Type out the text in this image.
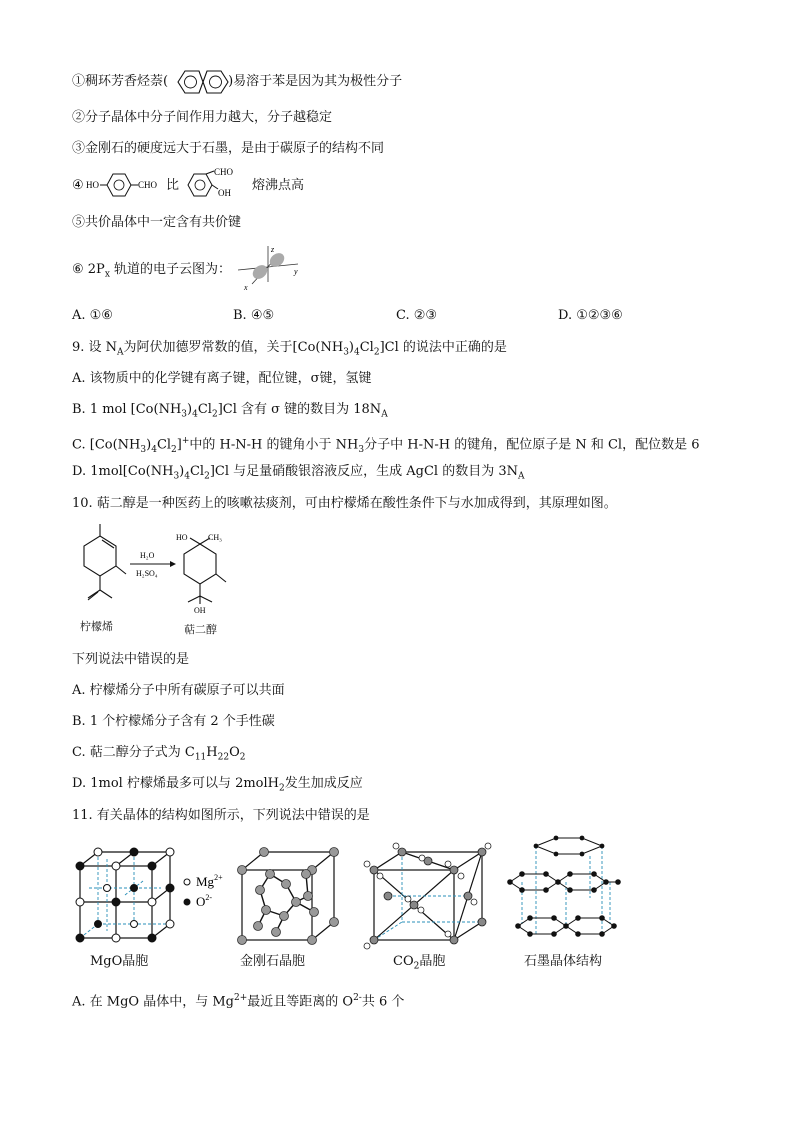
①稠环芳香烃萘(	)易溶于苯是因为其为极性分子
②分子晶体中分子间作用力越大，分子越稳定
③金刚石的硬度远大于石墨，是由于碳原子的结构不同
④ HO	CHO 比
CHO
OH 熔沸点高
⑤共价晶体中一定含有共价键
⑥ $2P_x$ 轨道的电子云图为：
z
y
x
A. ①⑥	B. ④⑤	C. ②③	D. ①②③⑥
9. 设 $N_A$为阿伏加德罗常数的值，关于$[Co(NH_3)_4Cl_2]Cl$ 的说法中正确的是
A. 该物质中的化学键有离子键，配位键，σ键，氢键
B. 1 mol $[Co(NH_3)_4Cl_2]Cl$ 含有 σ 键的数目为 $18N_A$
C. $[Co(NH_3)_4Cl_2]^+$中的 H-N-H 的键角小于 $NH_3$分子中 H-N-H 的键角，配位原子是 N 和 Cl，配位数是 6
D. $1mol[Co(NH_3)_4Cl_2]Cl$ 与足量硝酸银溶液反应，生成 AgCl 的数目为 $3N_A$
10. 萜二醇是一种医药上的咳嗽祛痰剂，可由柠檬烯在酸性条件下与水加成得到，其原理如图。
H₂O
H₂SO₄
HO	CH₃
OH
柠檬烯	萜二醇
下列说法中错误的是
A. 柠檬烯分子中所有碳原子可以共面
B. 1 个柠檬烯分子含有 2 个手性碳
C. 萜二醇分子式为 $C_{11}H_{22}O_2$
D. 1mol 柠檬烯最多可以与 2molH$_2$发生加成反应
11. 有关晶体的结构如图所示，下列说法中错误的是
$Mg^{2+}$
$O^{2-}$
MgO晶胞	金刚石晶胞	$CO_2$晶胞	石墨晶体结构
A. 在 MgO 晶体中，与 $Mg^{2+}$最近且等距离的 $O^{2-}$共 6 个
